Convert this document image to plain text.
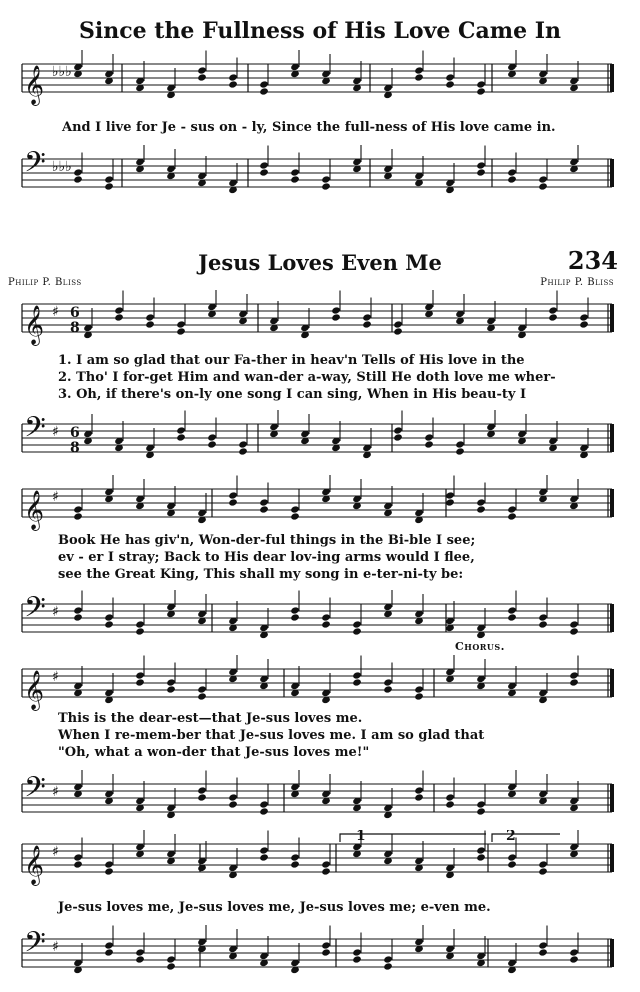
Since the Fullness of His Love Came In
Jesus Loves Even Me	234
Philip P. Bliss	Philip P. Bliss
𝄞 ♭♭♭
And I live for Je - sus on - ly, Since the full-ness of His love came in.
𝄢 ♭♭♭
𝄞 ♯ 6
8
1. I am so glad that our Fa-ther in heav'n Tells of His love in the
2. Tho' I for-get Him and wan-der a-way, Still He doth love me wher-
3. Oh, if there's on-ly one song I can sing, When in His beau-ty I
𝄢 ♯ 6
8
𝄞 ♯
Book He has giv'n, Won-der-ful things in the Bi-ble I see;
ev - er I stray; Back to His dear lov-ing arms would I flee,
see the Great King, This shall my song in e-ter-ni-ty be:
𝄢 ♯
Chorus.
𝄞 ♯
This is the dear-est—that Je-sus loves me.
When I re-mem-ber that Je-sus loves me. I am so glad that
"Oh, what a won-der that Je-sus loves me!"
𝄢 ♯
𝄞 ♯
1	2
Je-sus loves me, Je-sus loves me, Je-sus loves me; e-ven me.
𝄢 ♯
